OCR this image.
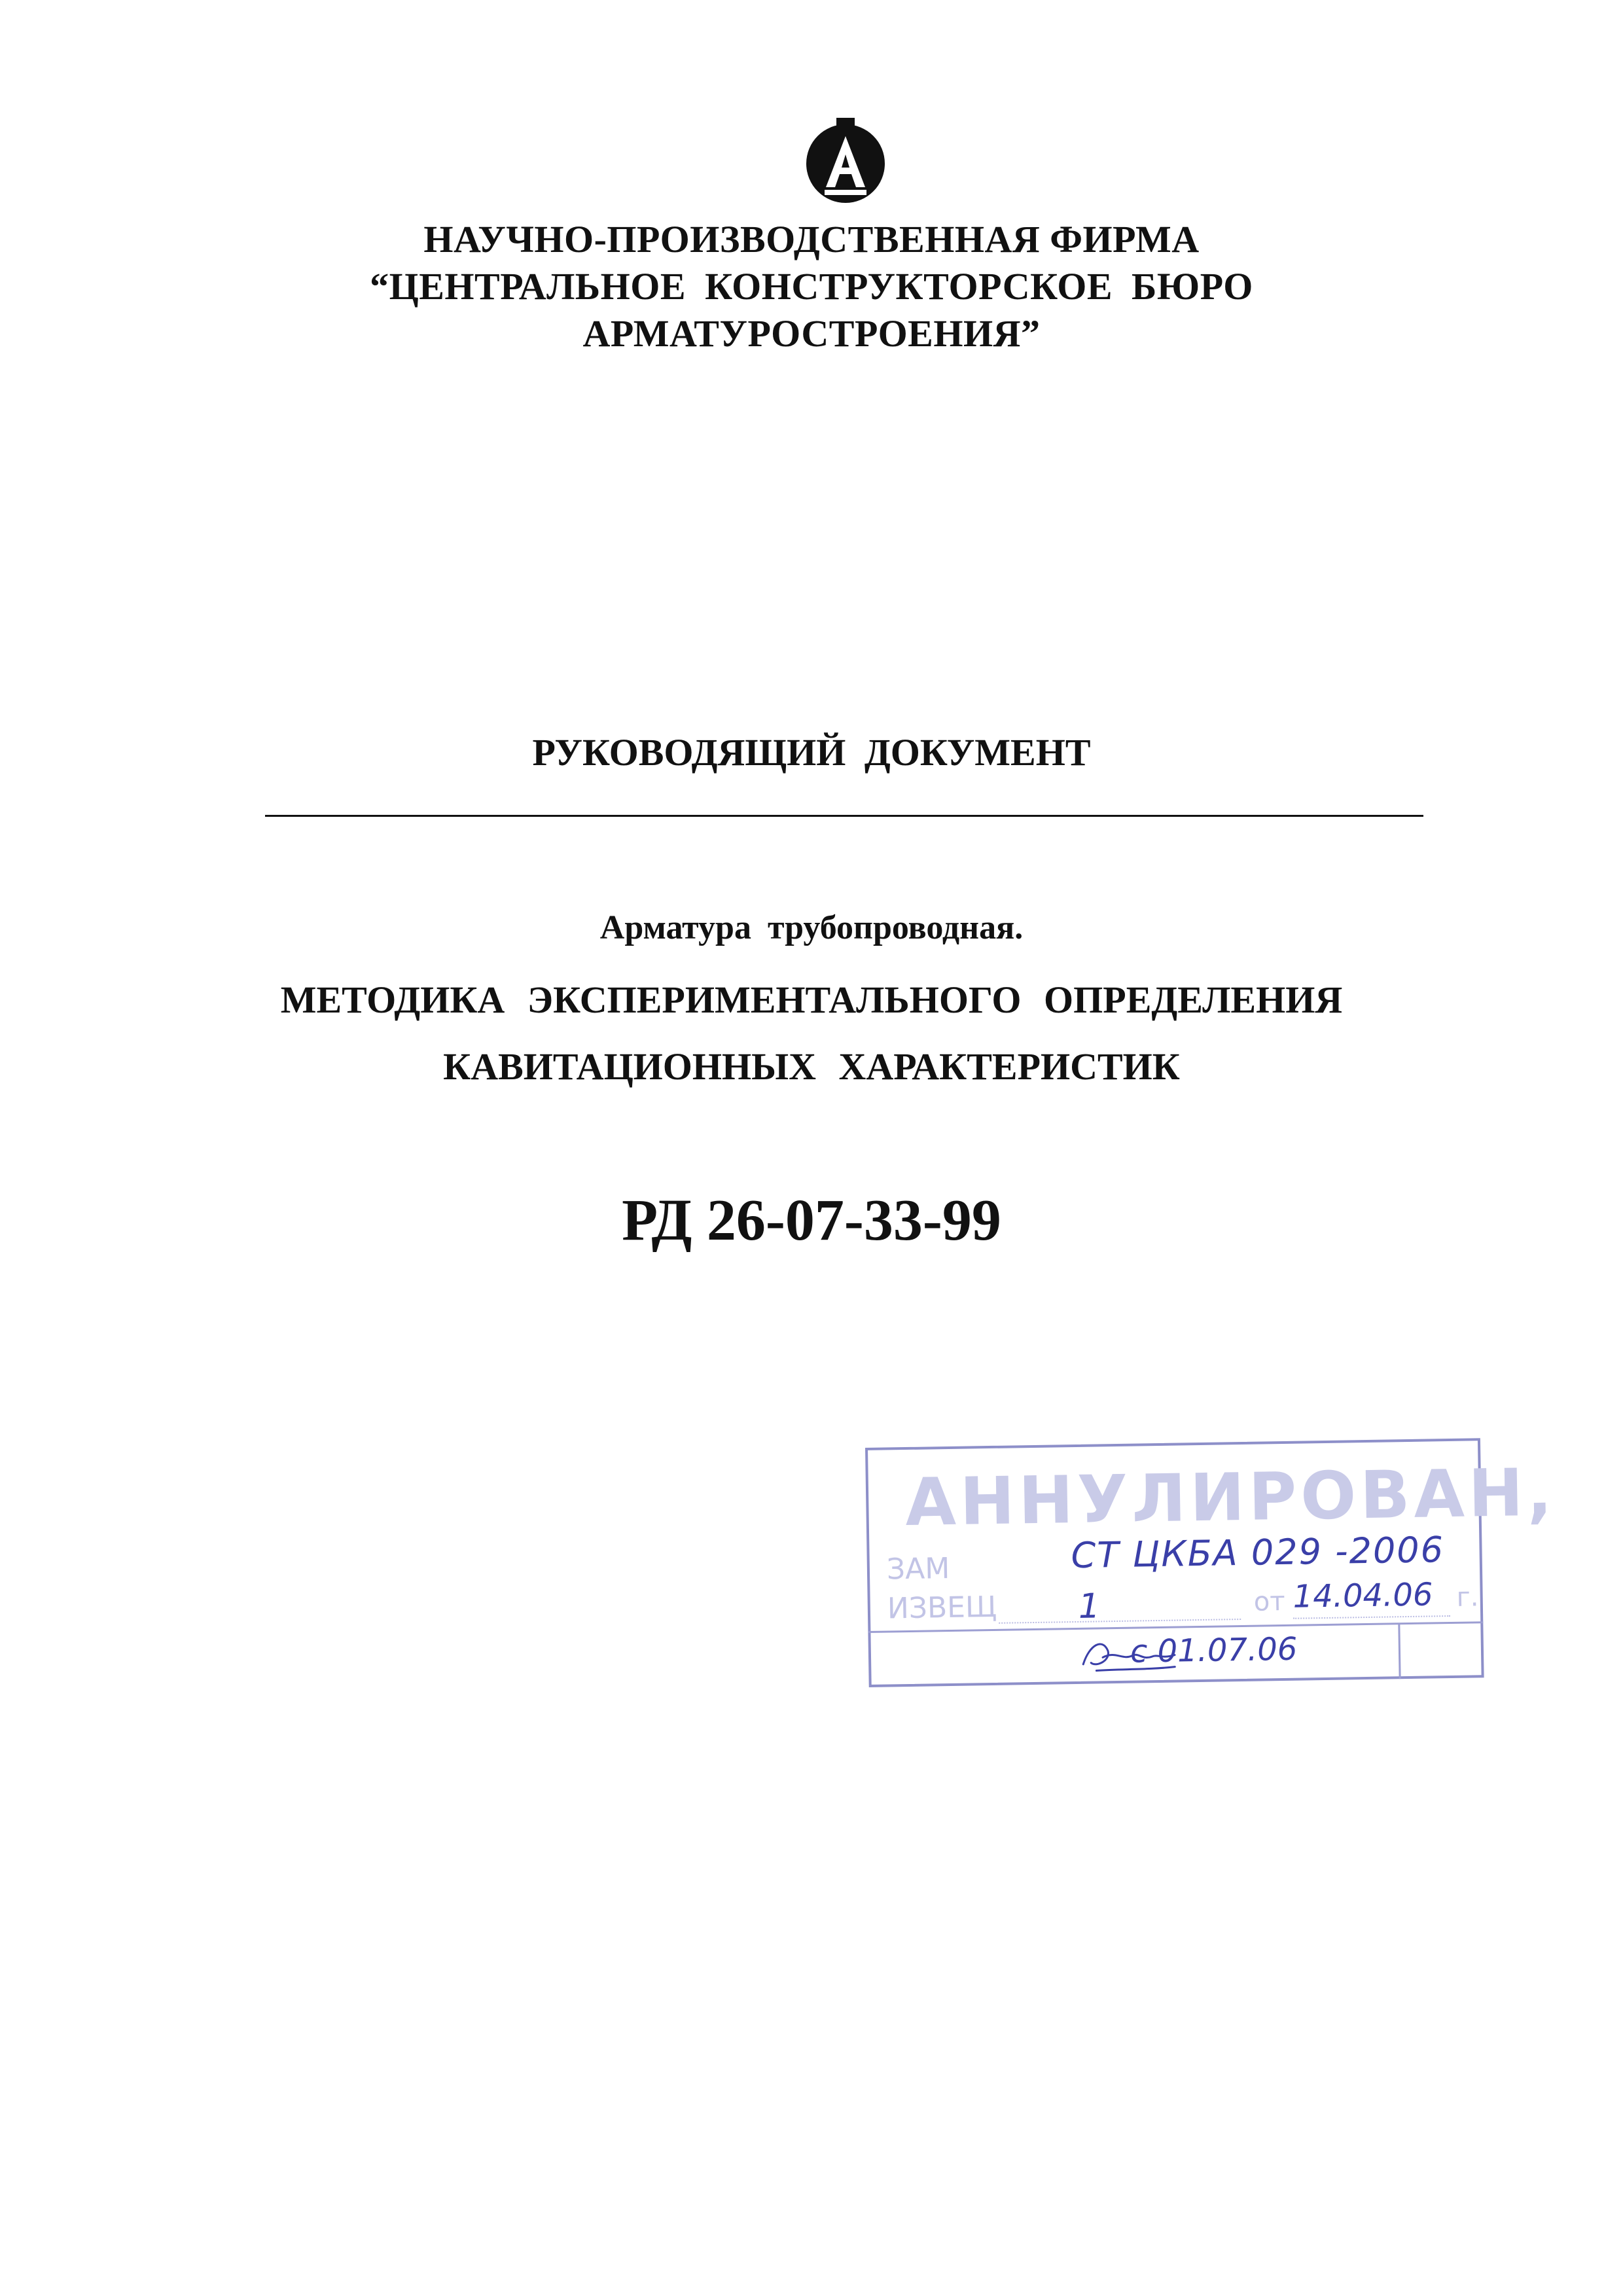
НАУЧНО-ПРОИЗВОДСТВЕННАЯ ФИРМА
“ЦЕНТРАЛЬНОЕ КОНСТРУКТОРСКОЕ БЮРО
АРМАТУРОСТРОЕНИЯ”
РУКОВОДЯЩИЙ ДОКУМЕНТ
Арматура трубопроводная.
МЕТОДИКА ЭКСПЕРИМЕНТАЛЬНОГО ОПРЕДЕЛЕНИЯ
КАВИТАЦИОННЫХ ХАРАКТЕРИСТИК
РД 26-07-33-99
АННУЛИРОВАН,
ЗАМ
ИЗВЕЩ	от	г.
СТ ЦКБА 029 -2006
1	14.04.06
с 01.07.06
